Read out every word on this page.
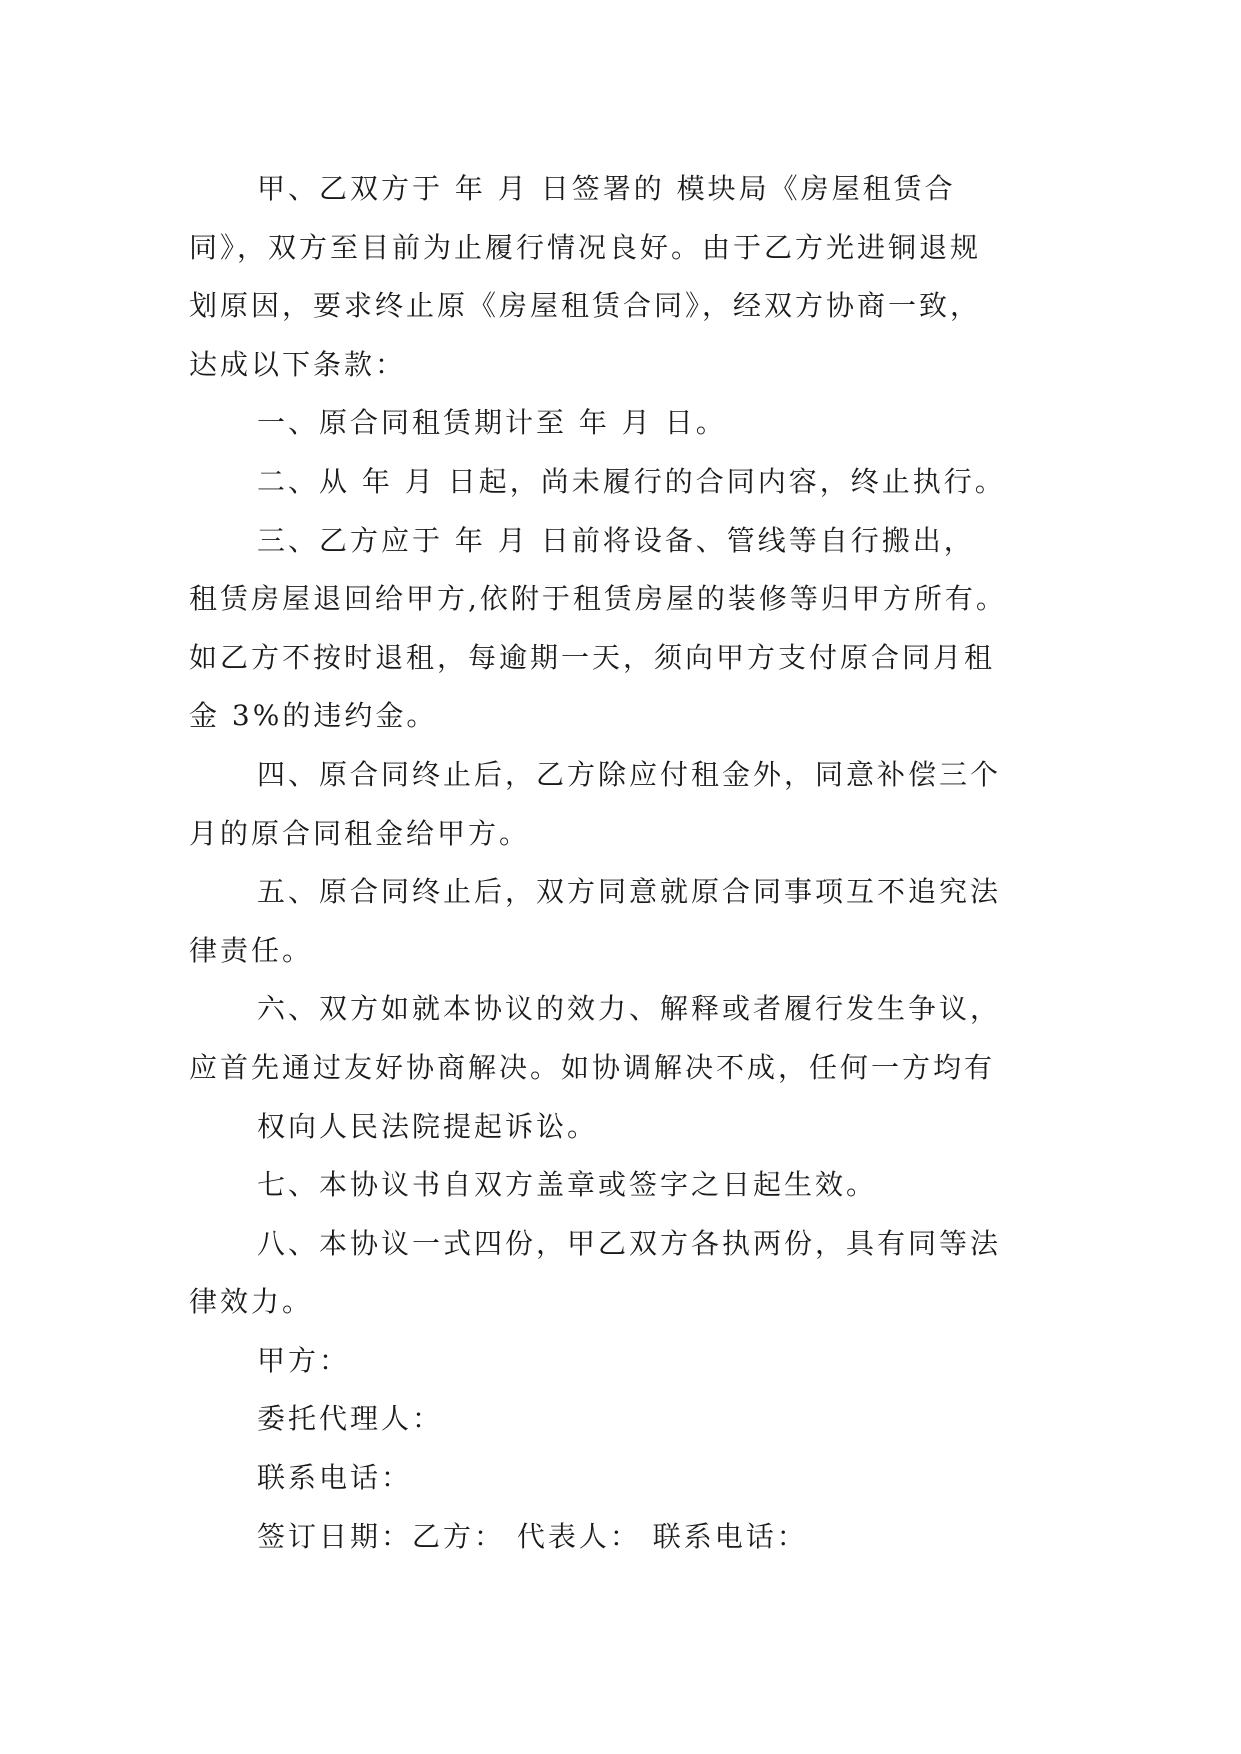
甲、乙双方于 年 月 日签署的 模块局《房屋租赁合
同》，双方至目前为止履行情况良好。由于乙方光进铜退规
划原因，要求终止原《房屋租赁合同》，经双方协商一致，
达成以下条款：
一、原合同租赁期计至 年 月 日。
二、从 年 月 日起，尚未履行的合同内容，终止执行。
三、乙方应于 年 月 日前将设备、管线等自行搬出，
租赁房屋退回给甲方,依附于租赁房屋的装修等归甲方所有。
如乙方不按时退租，每逾期一天，须向甲方支付原合同月租
金 3%的违约金。
四、原合同终止后，乙方除应付租金外，同意补偿三个
月的原合同租金给甲方。
五、原合同终止后，双方同意就原合同事项互不追究法
律责任。
六、双方如就本协议的效力、解释或者履行发生争议，
应首先通过友好协商解决。如协调解决不成，任何一方均有
权向人民法院提起诉讼。
七、本协议书自双方盖章或签字之日起生效。
八、本协议一式四份，甲乙双方各执两份，具有同等法
律效力。
甲方：
委托代理人：
联系电话：
签订日期：乙方： 代表人： 联系电话：
